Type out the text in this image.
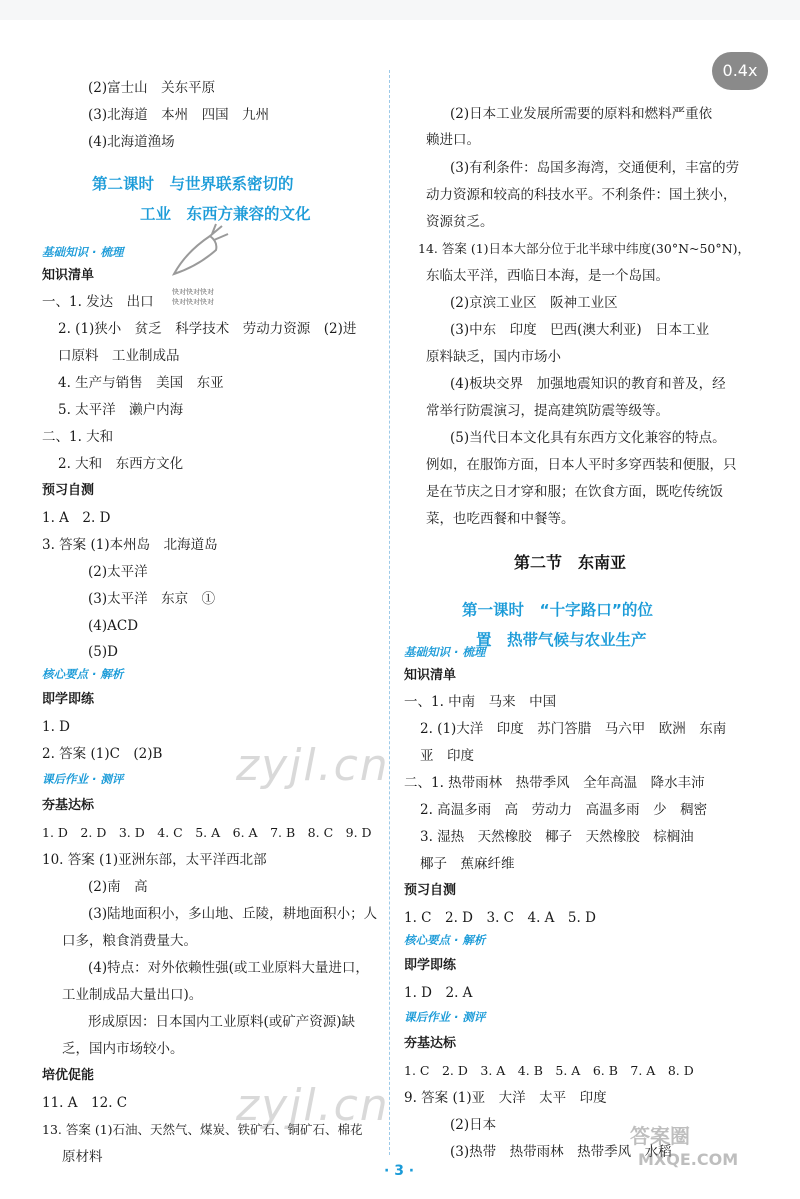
0.4x
(2)富士山　关东平原
(3)北海道　本州　四国　九州
(4)北海道渔场
第二课时　与世界联系密切的
工业　东西方兼容的文化
基础知识 · 梳理
知识清单
一、1. 发达　出口
2. (1)狭小　贫乏　科学技术　劳动力资源　(2)进
口原料　工业制成品
4. 生产与销售　美国　东亚
5. 太平洋　濑户内海
二、1. 大和
2. 大和　东西方文化
预习自测
1. A　2. D
3. 答案 (1)本州岛　北海道岛
(2)太平洋
(3)太平洋　东京　①
(4)ACD
(5)D
核心要点 · 解析
即学即练
1. D
2. 答案 (1)C　(2)B
课后作业 · 测评
夯基达标
1. D　2. D　3. D　4. C　5. A　6. A　7. B　8. C　9. D
10. 答案 (1)亚洲东部，太平洋西北部
(2)南　高
(3)陆地面积小，多山地、丘陵，耕地面积小；人
口多，粮食消费量大。
(4)特点：对外依赖性强(或工业原料大量进口，
工业制成品大量出口)。
形成原因：日本国内工业原料(或矿产资源)缺
乏，国内市场较小。
培优促能
11. A　12. C
13. 答案 (1)石油、天然气、煤炭、铁矿石、铜矿石、棉花
原材料
(2)日本工业发展所需要的原料和燃料严重依
赖进口。
(3)有利条件：岛国多海湾，交通便利，丰富的劳
动力资源和较高的科技水平。不利条件：国土狭小，
资源贫乏。
14. 答案 (1)日本大部分位于北半球中纬度(30°N~50°N)，
东临太平洋，西临日本海，是一个岛国。
(2)京滨工业区　阪神工业区
(3)中东　印度　巴西(澳大利亚)　日本工业
原料缺乏，国内市场小
(4)板块交界　加强地震知识的教育和普及，经
常举行防震演习，提高建筑防震等级等。
(5)当代日本文化具有东西方文化兼容的特点。
例如，在服饰方面，日本人平时多穿西装和便服，只
是在节庆之日才穿和服；在饮食方面，既吃传统饭
菜，也吃西餐和中餐等。
第二节　东南亚
第一课时　“十字路口”的位
置　热带气候与农业生产
基础知识 · 梳理
知识清单
一、1. 中南　马来　中国
2. (1)大洋　印度　苏门答腊　马六甲　欧洲　东南
亚　印度
二、1. 热带雨林　热带季风　全年高温　降水丰沛
2. 高温多雨　高　劳动力　高温多雨　少　稠密
3. 湿热　天然橡胶　椰子　天然橡胶　棕榈油
椰子　蕉麻纤维
预习自测
1. C　2. D　3. C　4. A　5. D
核心要点 · 解析
即学即练
1. D　2. A
课后作业 · 测评
夯基达标
1. C　2. D　3. A　4. B　5. A　6. B　7. A　8. D
9. 答案 (1)亚　大洋　太平　印度
(2)日本
(3)热带　热带雨林　热带季风　水稻
快对快对快对
快对快对快对
zyjl.cn
zyjl.cn
答案圈
MXQE.COM
· 3 ·
